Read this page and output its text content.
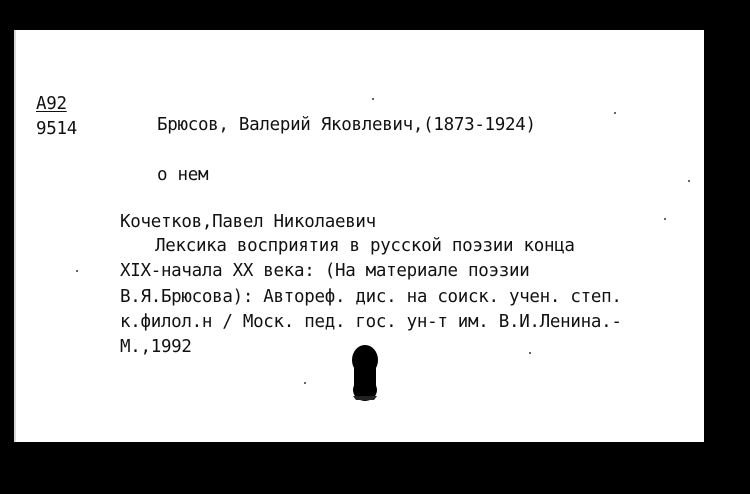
А92
9514	Брюсов, Валерий Яковлевич,(1873-1924)
о нем
Кочетков,Павел Николаевич
Лексика восприятия в русской поэзии конца
XIX-начала XX века: (На материале поэзии
В.Я.Брюсова): Автореф. дис. на соиск. учен. степ.
к.филол.н / Моск. пед. гос. ун-т им. В.И.Ленина.-
М.,1992
